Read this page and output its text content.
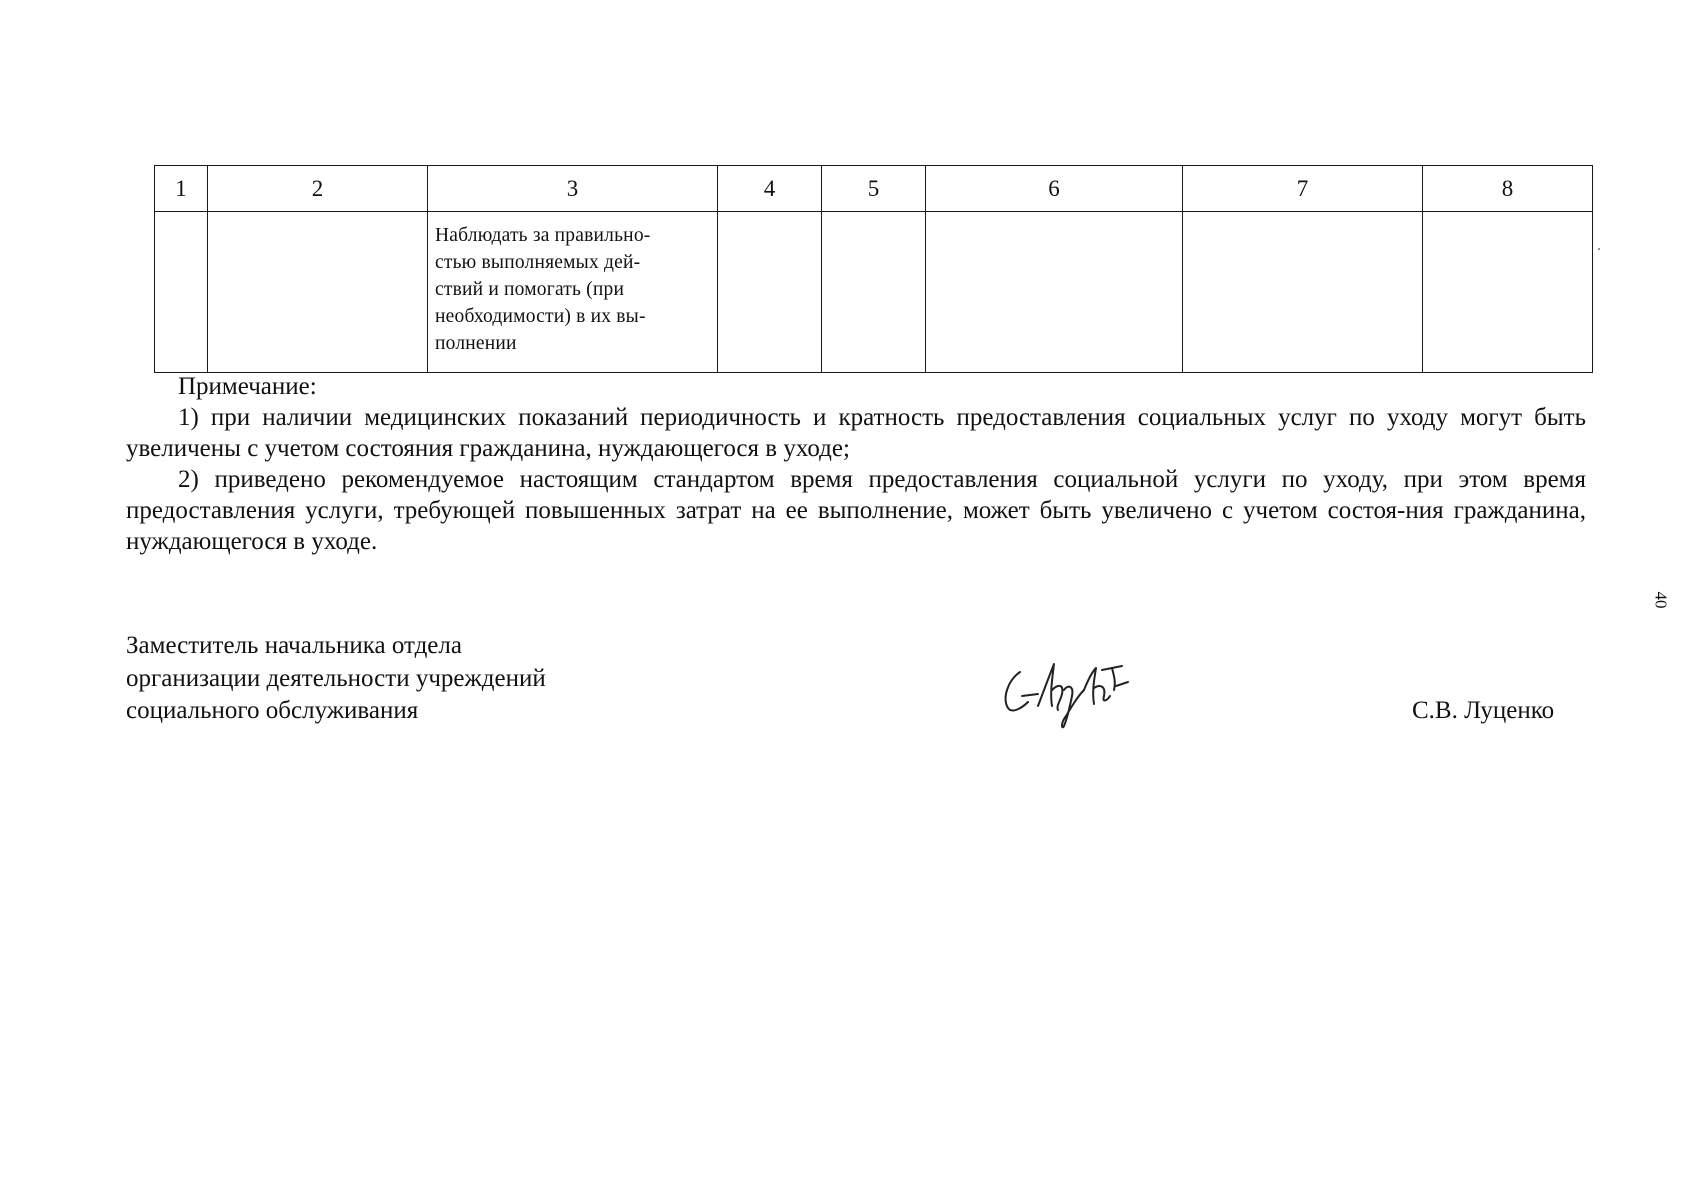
1	2	3	4	5	6	7	8

		Наблюдать за правильно-
стью выполняемых дей-
ствий и помогать (при
необходимости) в их вы-
полнении					

Примечание:

1) при наличии медицинских показаний периодичность и кратность предоставления социальных услуг по уходу могут быть увеличены с учетом состояния гражданина, нуждающегося в уходе;

2) приведено рекомендуемое настоящим стандартом время предоставления социальной услуги по уходу, при этом время предоставления услуги, требующей повышенных затрат на ее выполнение, может быть увеличено с учетом состоя-ния гражданина, нуждающегося в уходе.

Заместитель начальника отдела
организации деятельности учреждений
социального обслуживания	С.В. Луценко
40
